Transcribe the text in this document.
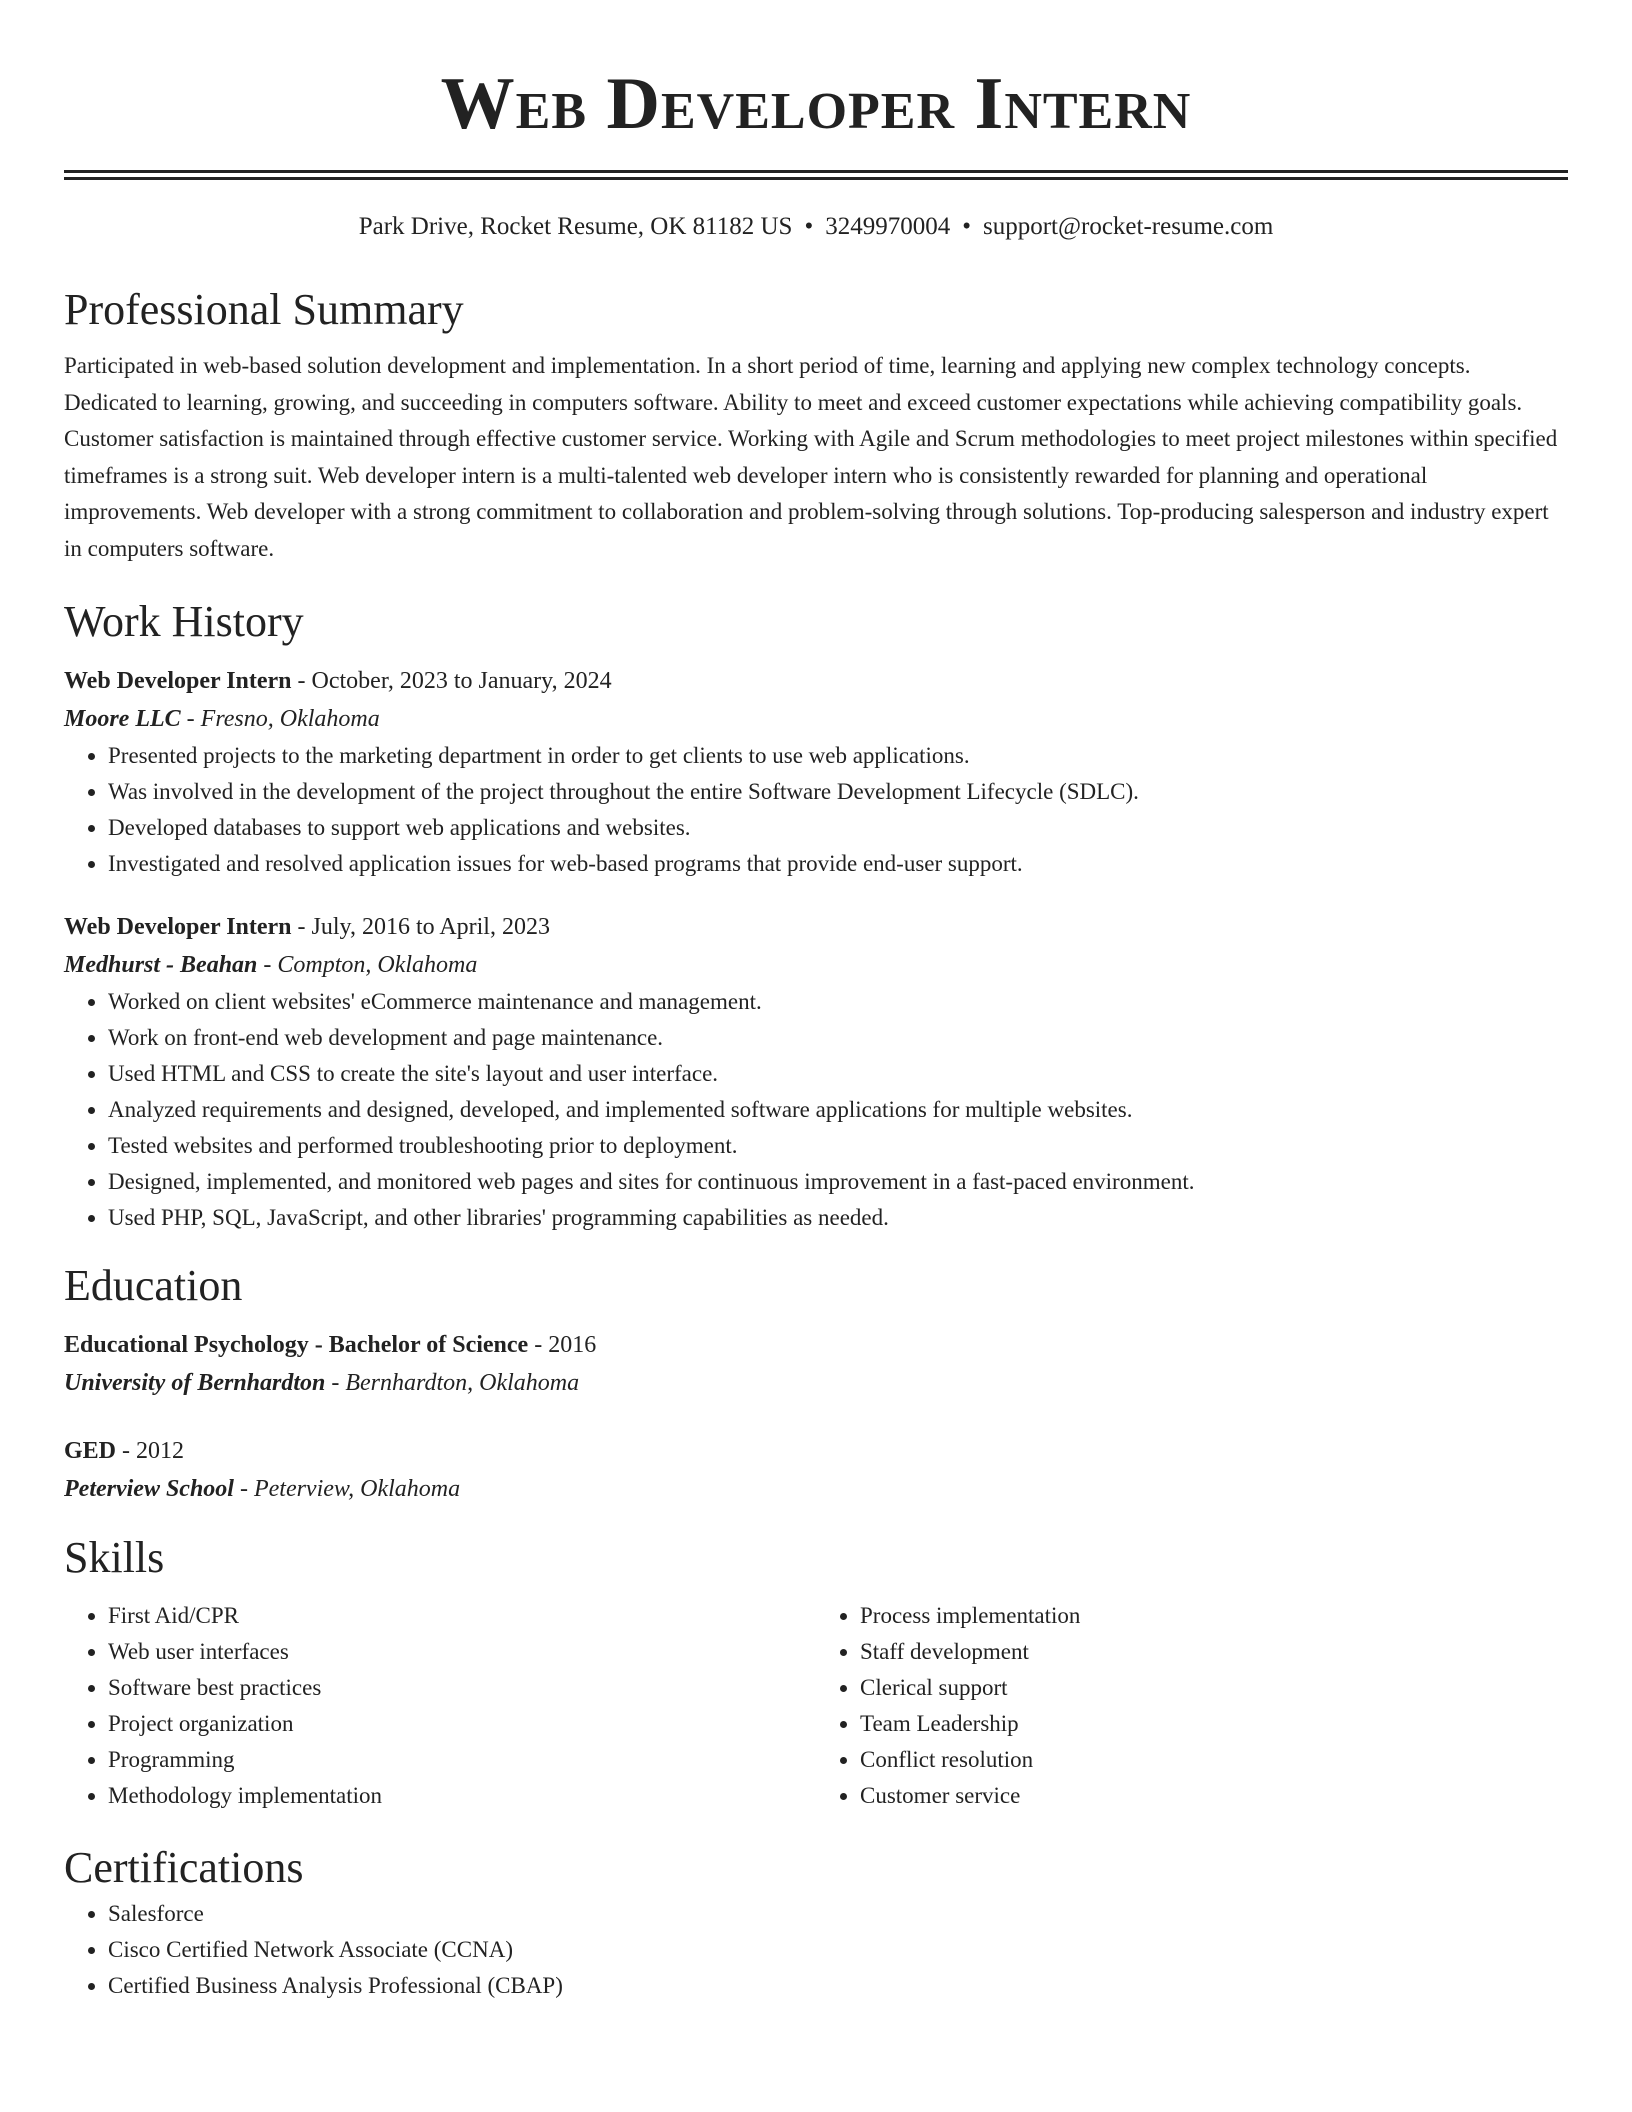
Web Developer Intern
Park Drive, Rocket Resume, OK 81182 US • 3249970004 • support@rocket-resume.com
Professional Summary

Participated in web-based solution development and implementation. In a short period of time, learning and applying new complex technology concepts. Dedicated to learning, growing, and succeeding in computers software. Ability to meet and exceed customer expectations while achieving compatibility goals. Customer satisfaction is maintained through effective customer service. Working with Agile and Scrum methodologies to meet project milestones within specified timeframes is a strong suit. Web developer intern is a multi-talented web developer intern who is consistently rewarded for planning and operational improvements. Web developer with a strong commitment to collaboration and problem-solving through solutions. Top-producing salesperson and industry expert in computers software.

Work History
Web Developer Intern - October, 2023 to January, 2024
Moore LLC - Fresno, Oklahoma
• Presented projects to the marketing department in order to get clients to use web applications.
• Was involved in the development of the project throughout the entire Software Development Lifecycle (SDLC).
• Developed databases to support web applications and websites.
• Investigated and resolved application issues for web-based programs that provide end-user support.
Web Developer Intern - July, 2016 to April, 2023
Medhurst - Beahan - Compton, Oklahoma
• Worked on client websites' eCommerce maintenance and management.
• Work on front-end web development and page maintenance.
• Used HTML and CSS to create the site's layout and user interface.
• Analyzed requirements and designed, developed, and implemented software applications for multiple websites.
• Tested websites and performed troubleshooting prior to deployment.
• Designed, implemented, and monitored web pages and sites for continuous improvement in a fast-paced environment.
• Used PHP, SQL, JavaScript, and other libraries' programming capabilities as needed.
Education
Educational Psychology - Bachelor of Science - 2016
University of Bernhardton - Bernhardton, Oklahoma
GED - 2012
Peterview School - Peterview, Oklahoma
Skills
• First Aid/CPR
• Web user interfaces
• Software best practices
• Project organization
• Programming
• Methodology implementation
• Process implementation
• Staff development
• Clerical support
• Team Leadership
• Conflict resolution
• Customer service
Certifications
• Salesforce
• Cisco Certified Network Associate (CCNA)
• Certified Business Analysis Professional (CBAP)
